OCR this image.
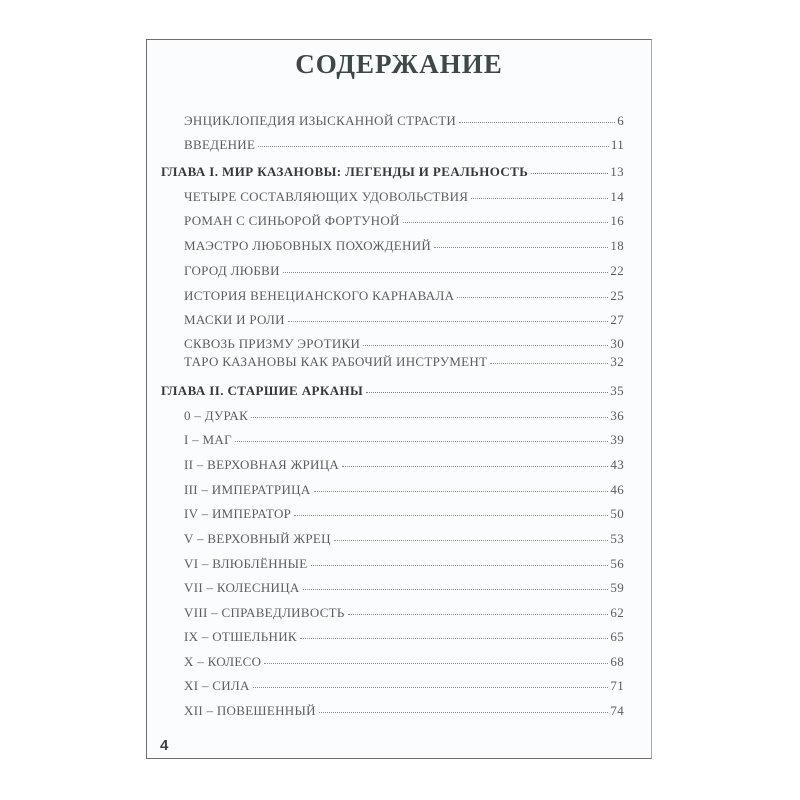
СОДЕРЖАНИЕ
ЭНЦИКЛОПЕДИЯ ИЗЫСКАННОЙ СТРАСТИ	6
ВВЕДЕНИЕ	11
ГЛАВА I. МИР КАЗАНОВЫ: ЛЕГЕНДЫ И РЕАЛЬНОСТЬ	13
ЧЕТЫРЕ СОСТАВЛЯЮЩИХ УДОВОЛЬСТВИЯ	14
РОМАН С СИНЬОРОЙ ФОРТУНОЙ	16
МАЭСТРО ЛЮБОВНЫХ ПОХОЖДЕНИЙ	18
ГОРОД ЛЮБВИ	22
ИСТОРИЯ ВЕНЕЦИАНСКОГО КАРНАВАЛА	25
МАСКИ И РОЛИ	27
СКВОЗЬ ПРИЗМУ ЭРОТИКИ	30
ТАРО КАЗАНОВЫ КАК РАБОЧИЙ ИНСТРУМЕНТ	32
ГЛАВА II. СТАРШИЕ АРКАНЫ	35
0 – ДУРАК	36
I – МАГ	39
II – ВЕРХОВНАЯ ЖРИЦА	43
III – ИМПЕРАТРИЦА	46
IV – ИМПЕРАТОР	50
V – ВЕРХОВНЫЙ ЖРЕЦ	53
VI – ВЛЮБЛЁННЫЕ	56
VII – КОЛЕСНИЦА	59
VIII – СПРАВЕДЛИВОСТЬ	62
IX – ОТШЕЛЬНИК	65
X – КОЛЕСО	68
XI – СИЛА	71
XII – ПОВЕШЕННЫЙ	74
4
